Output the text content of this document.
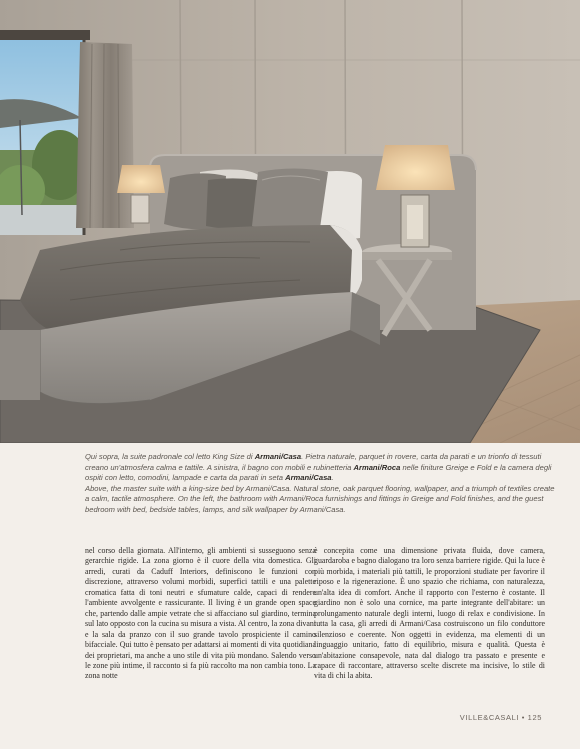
Qui sopra, la suite padronale col letto King Size di Armani/Casa. Pietra naturale, parquet in rovere, carta da parati e un trionfo di tessuti creano un'atmosfera calma e tattile. A sinistra, il bagno con mobili e rubinetteria Armani/Roca nelle finiture Greige e Fold e la camera degli ospiti con letto, comodini, lampade e carta da parati in seta Armani/Casa.
Above, the master suite with a king-size bed by Armani/Casa. Natural stone, oak parquet flooring, wallpaper, and a triumph of textiles create a calm, tactile atmosphere. On the left, the bathroom with Armani/Roca furnishings and fittings in Greige and Fold finishes, and the guest bedroom with bed, bedside tables, lamps, and silk wallpaper by Armani/Casa.
nel corso della giornata. All'interno, gli ambienti si susseguono senza gerarchie rigide. La zona giorno è il cuore della vita domestica. Gli arredi, curati da Caduff Interiors, definiscono le funzioni con discrezione, attraverso volumi morbidi, superfici tattili e una palette cromatica fatta di toni neutri e sfumature calde, capaci di rendere l'ambiente avvolgente e rassicurante. Il living è un grande open space che, partendo dalle ampie vetrate che si affacciano sul giardino, termina sul lato opposto con la cucina su misura a vista. Al centro, la zona divani e la sala da pranzo con il suo grande tavolo prospiciente il camino bifacciale. Qui tutto è pensato per adattarsi ai momenti di vita quotidiana dei proprietari, ma anche a uno stile di vita più mondano. Salendo verso le zone più intime, il racconto si fa più raccolto ma non cambia tono. La zona notte
è concepita come una dimensione privata fluida, dove camera, guardaroba e bagno dialogano tra loro senza barriere rigide. Qui la luce è più morbida, i materiali più tattili, le proporzioni studiate per favorire il riposo e la rigenerazione. È uno spazio che richiama, con naturalezza, un'alta idea di comfort. Anche il rapporto con l'esterno è costante. Il giardino non è solo una cornice, ma parte integrante dell'abitare: un prolungamento naturale degli interni, luogo di relax e condivisione. In tutta la casa, gli arredi di Armani/Casa costruiscono un filo conduttore silenzioso e coerente. Non oggetti in evidenza, ma elementi di un linguaggio unitario, fatto di equilibrio, misura e qualità. Questa è un'abitazione consapevole, nata dal dialogo tra passato e presente e capace di raccontare, attraverso scelte discrete ma incisive, lo stile di vita di chi la abita.
VILLE&CASALI • 125
